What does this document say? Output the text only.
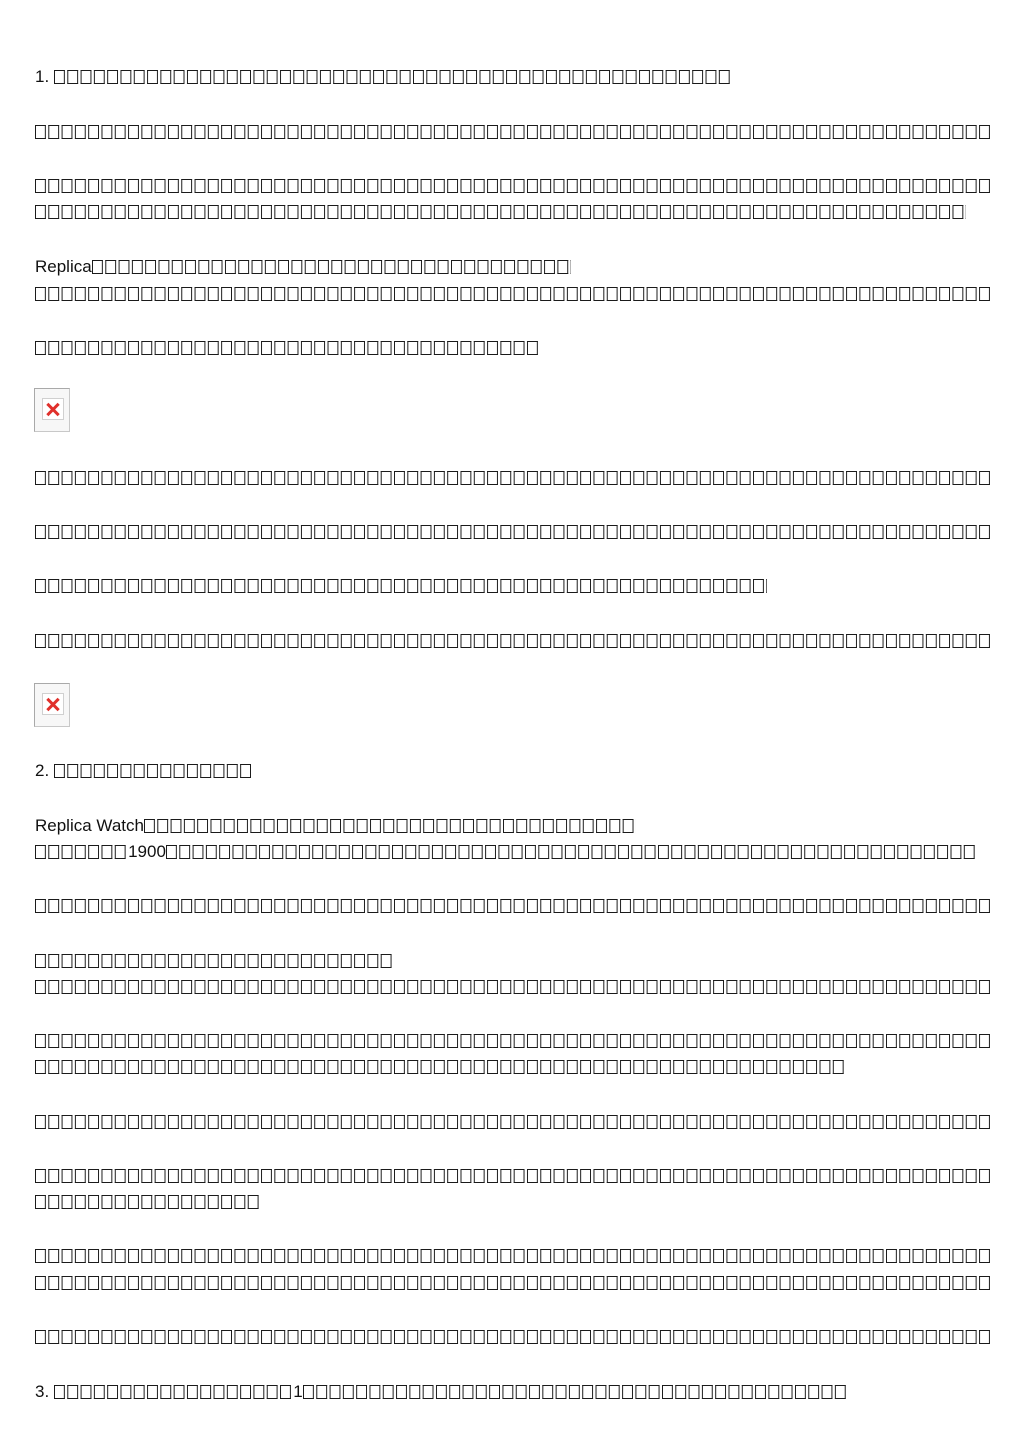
1.
Replica
2.
Replica Watch
1900
3.	1
